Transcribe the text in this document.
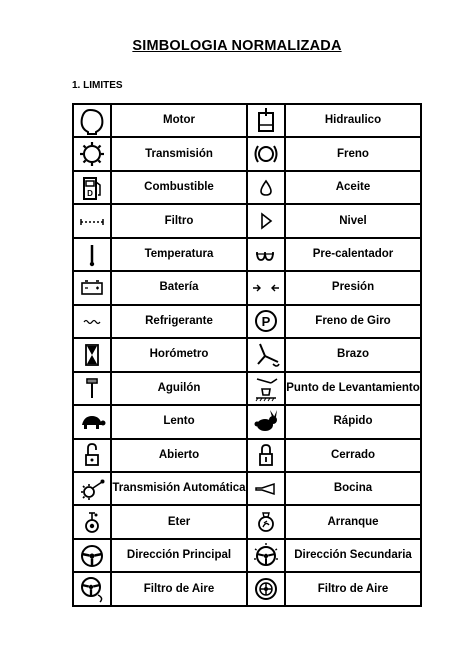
SIMBOLOGIA NORMALIZADA
1. LIMITES
	Motor		Hidraulico

	Transmisión		Freno

D	Combustible		Aceite

	Filtro		Nivel

	Temperatura		Pre-calentador

	Batería		Presión

	Refrigerante	P	Freno de Giro

	Horómetro		Brazo

	Aguilón		Punto de Levantamiento

	Lento		Rápido

	Abierto		Cerrado

	Transmisión Automática		Bocina

	Eter		Arranque

	Dirección Principal		Dirección Secundaria

	Filtro de Aire		Filtro de Aire
